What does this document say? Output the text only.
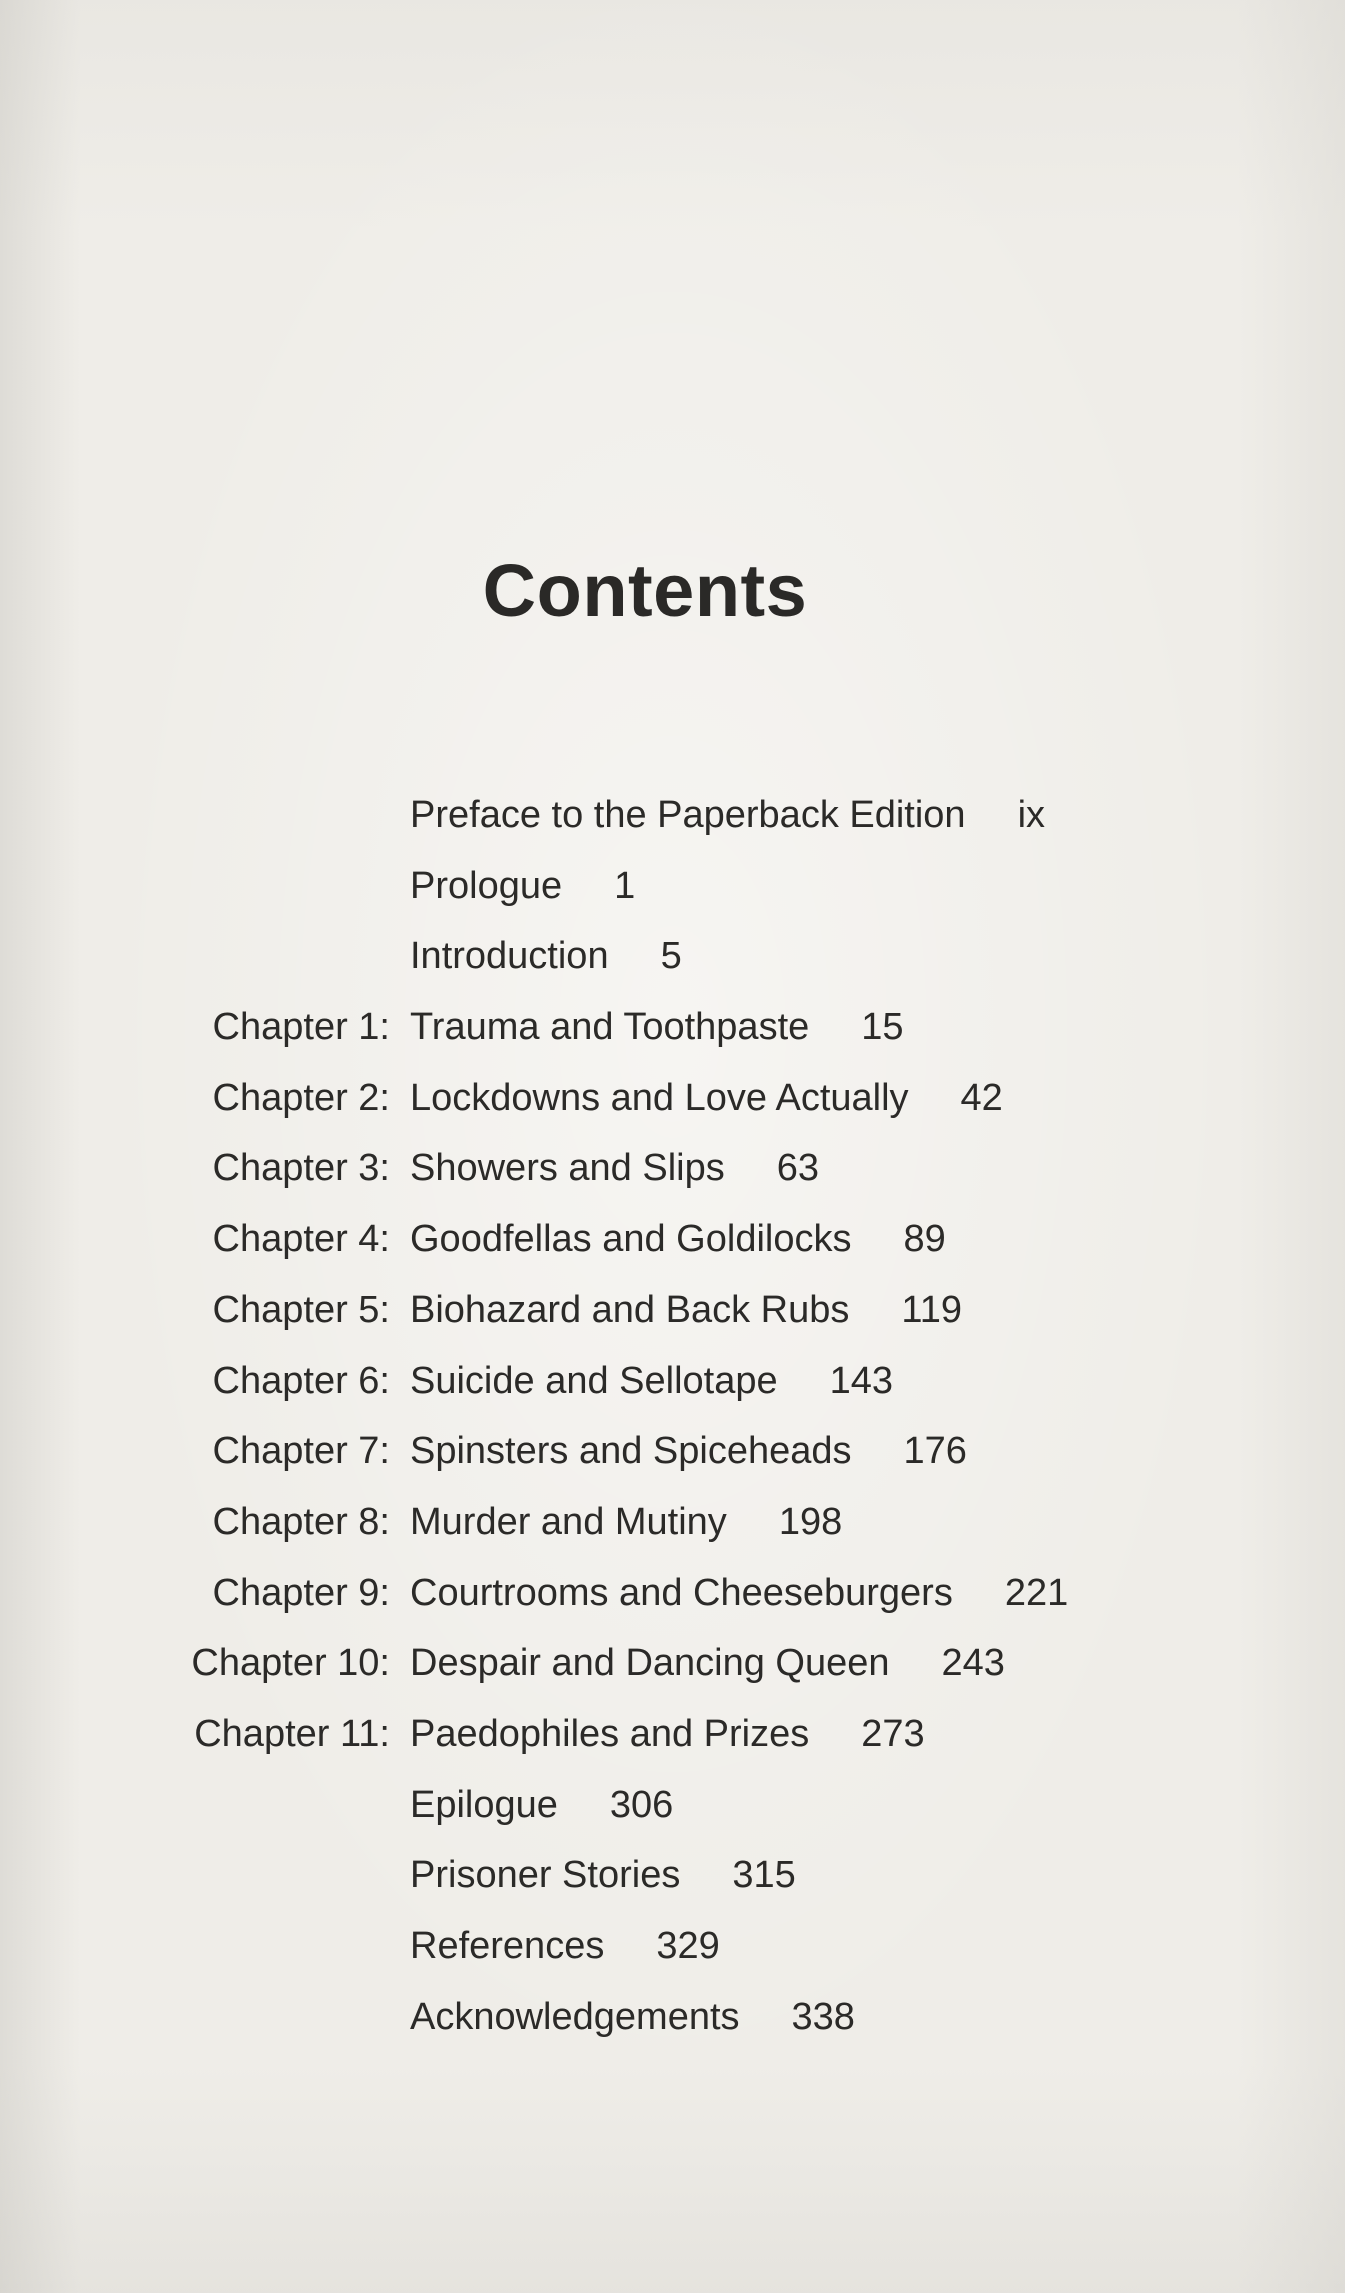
Contents
Preface to the Paperback Edition ix
Prologue 1
Introduction 5
Chapter 1: Trauma and Toothpaste 15
Chapter 2: Lockdowns and Love Actually 42
Chapter 3: Showers and Slips 63
Chapter 4: Goodfellas and Goldilocks 89
Chapter 5: Biohazard and Back Rubs 119
Chapter 6: Suicide and Sellotape 143
Chapter 7: Spinsters and Spiceheads 176
Chapter 8: Murder and Mutiny 198
Chapter 9: Courtrooms and Cheeseburgers 221
Chapter 10: Despair and Dancing Queen 243
Chapter 11: Paedophiles and Prizes 273
Epilogue 306
Prisoner Stories 315
References 329
Acknowledgements 338
